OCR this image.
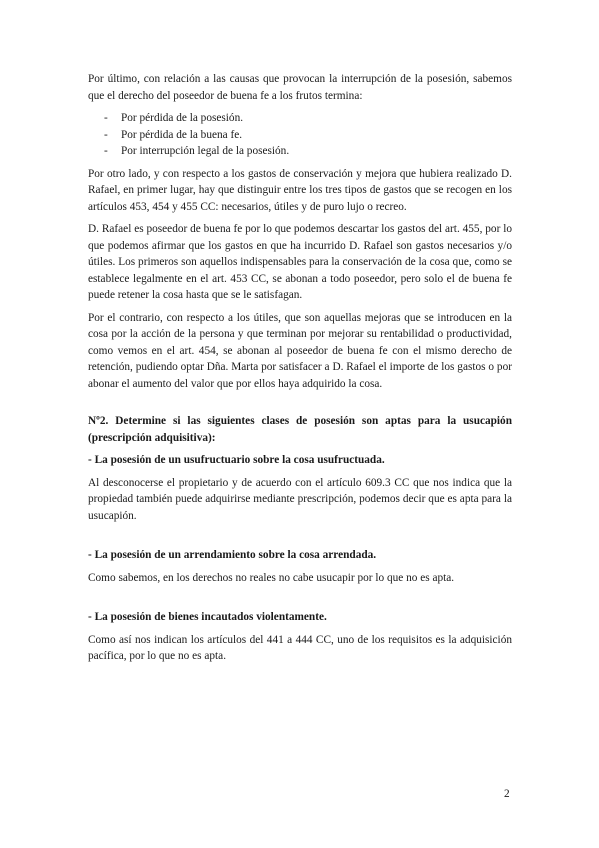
Por último, con relación a las causas que provocan la interrupción de la posesión, sabemos que el derecho del poseedor de buena fe a los frutos termina:

- Por pérdida de la posesión.
- Por pérdida de la buena fe.
- Por interrupción legal de la posesión.

Por otro lado, y con respecto a los gastos de conservación y mejora que hubiera realizado D. Rafael, en primer lugar, hay que distinguir entre los tres tipos de gastos que se recogen en los artículos 453, 454 y 455 CC: necesarios, útiles y de puro lujo o recreo.

D. Rafael es poseedor de buena fe por lo que podemos descartar los gastos del art. 455, por lo que podemos afirmar que los gastos en que ha incurrido D. Rafael son gastos necesarios y/o útiles. Los primeros son aquellos indispensables para la conservación de la cosa que, como se establece legalmente en el art. 453 CC, se abonan a todo poseedor, pero solo el de buena fe puede retener la cosa hasta que se le satisfagan.

Por el contrario, con respecto a los útiles, que son aquellas mejoras que se introducen en la cosa por la acción de la persona y que terminan por mejorar su rentabilidad o productividad, como vemos en el art. 454, se abonan al poseedor de buena fe con el mismo derecho de retención, pudiendo optar Dña. Marta por satisfacer a D. Rafael el importe de los gastos o por abonar el aumento del valor que por ellos haya adquirido la cosa.

Nº2. Determine si las siguientes clases de posesión son aptas para la usucapión (prescripción adquisitiva):

- La posesión de un usufructuario sobre la cosa usufructuada.

Al desconocerse el propietario y de acuerdo con el artículo 609.3 CC que nos indica que la propiedad también puede adquirirse mediante prescripción, podemos decir que es apta para la usucapión.

- La posesión de un arrendamiento sobre la cosa arrendada.

Como sabemos, en los derechos no reales no cabe usucapir por lo que no es apta.

- La posesión de bienes incautados violentamente.

Como así nos indican los artículos del 441 a 444 CC, uno de los requisitos es la adquisición pacífica, por lo que no es apta.

2
